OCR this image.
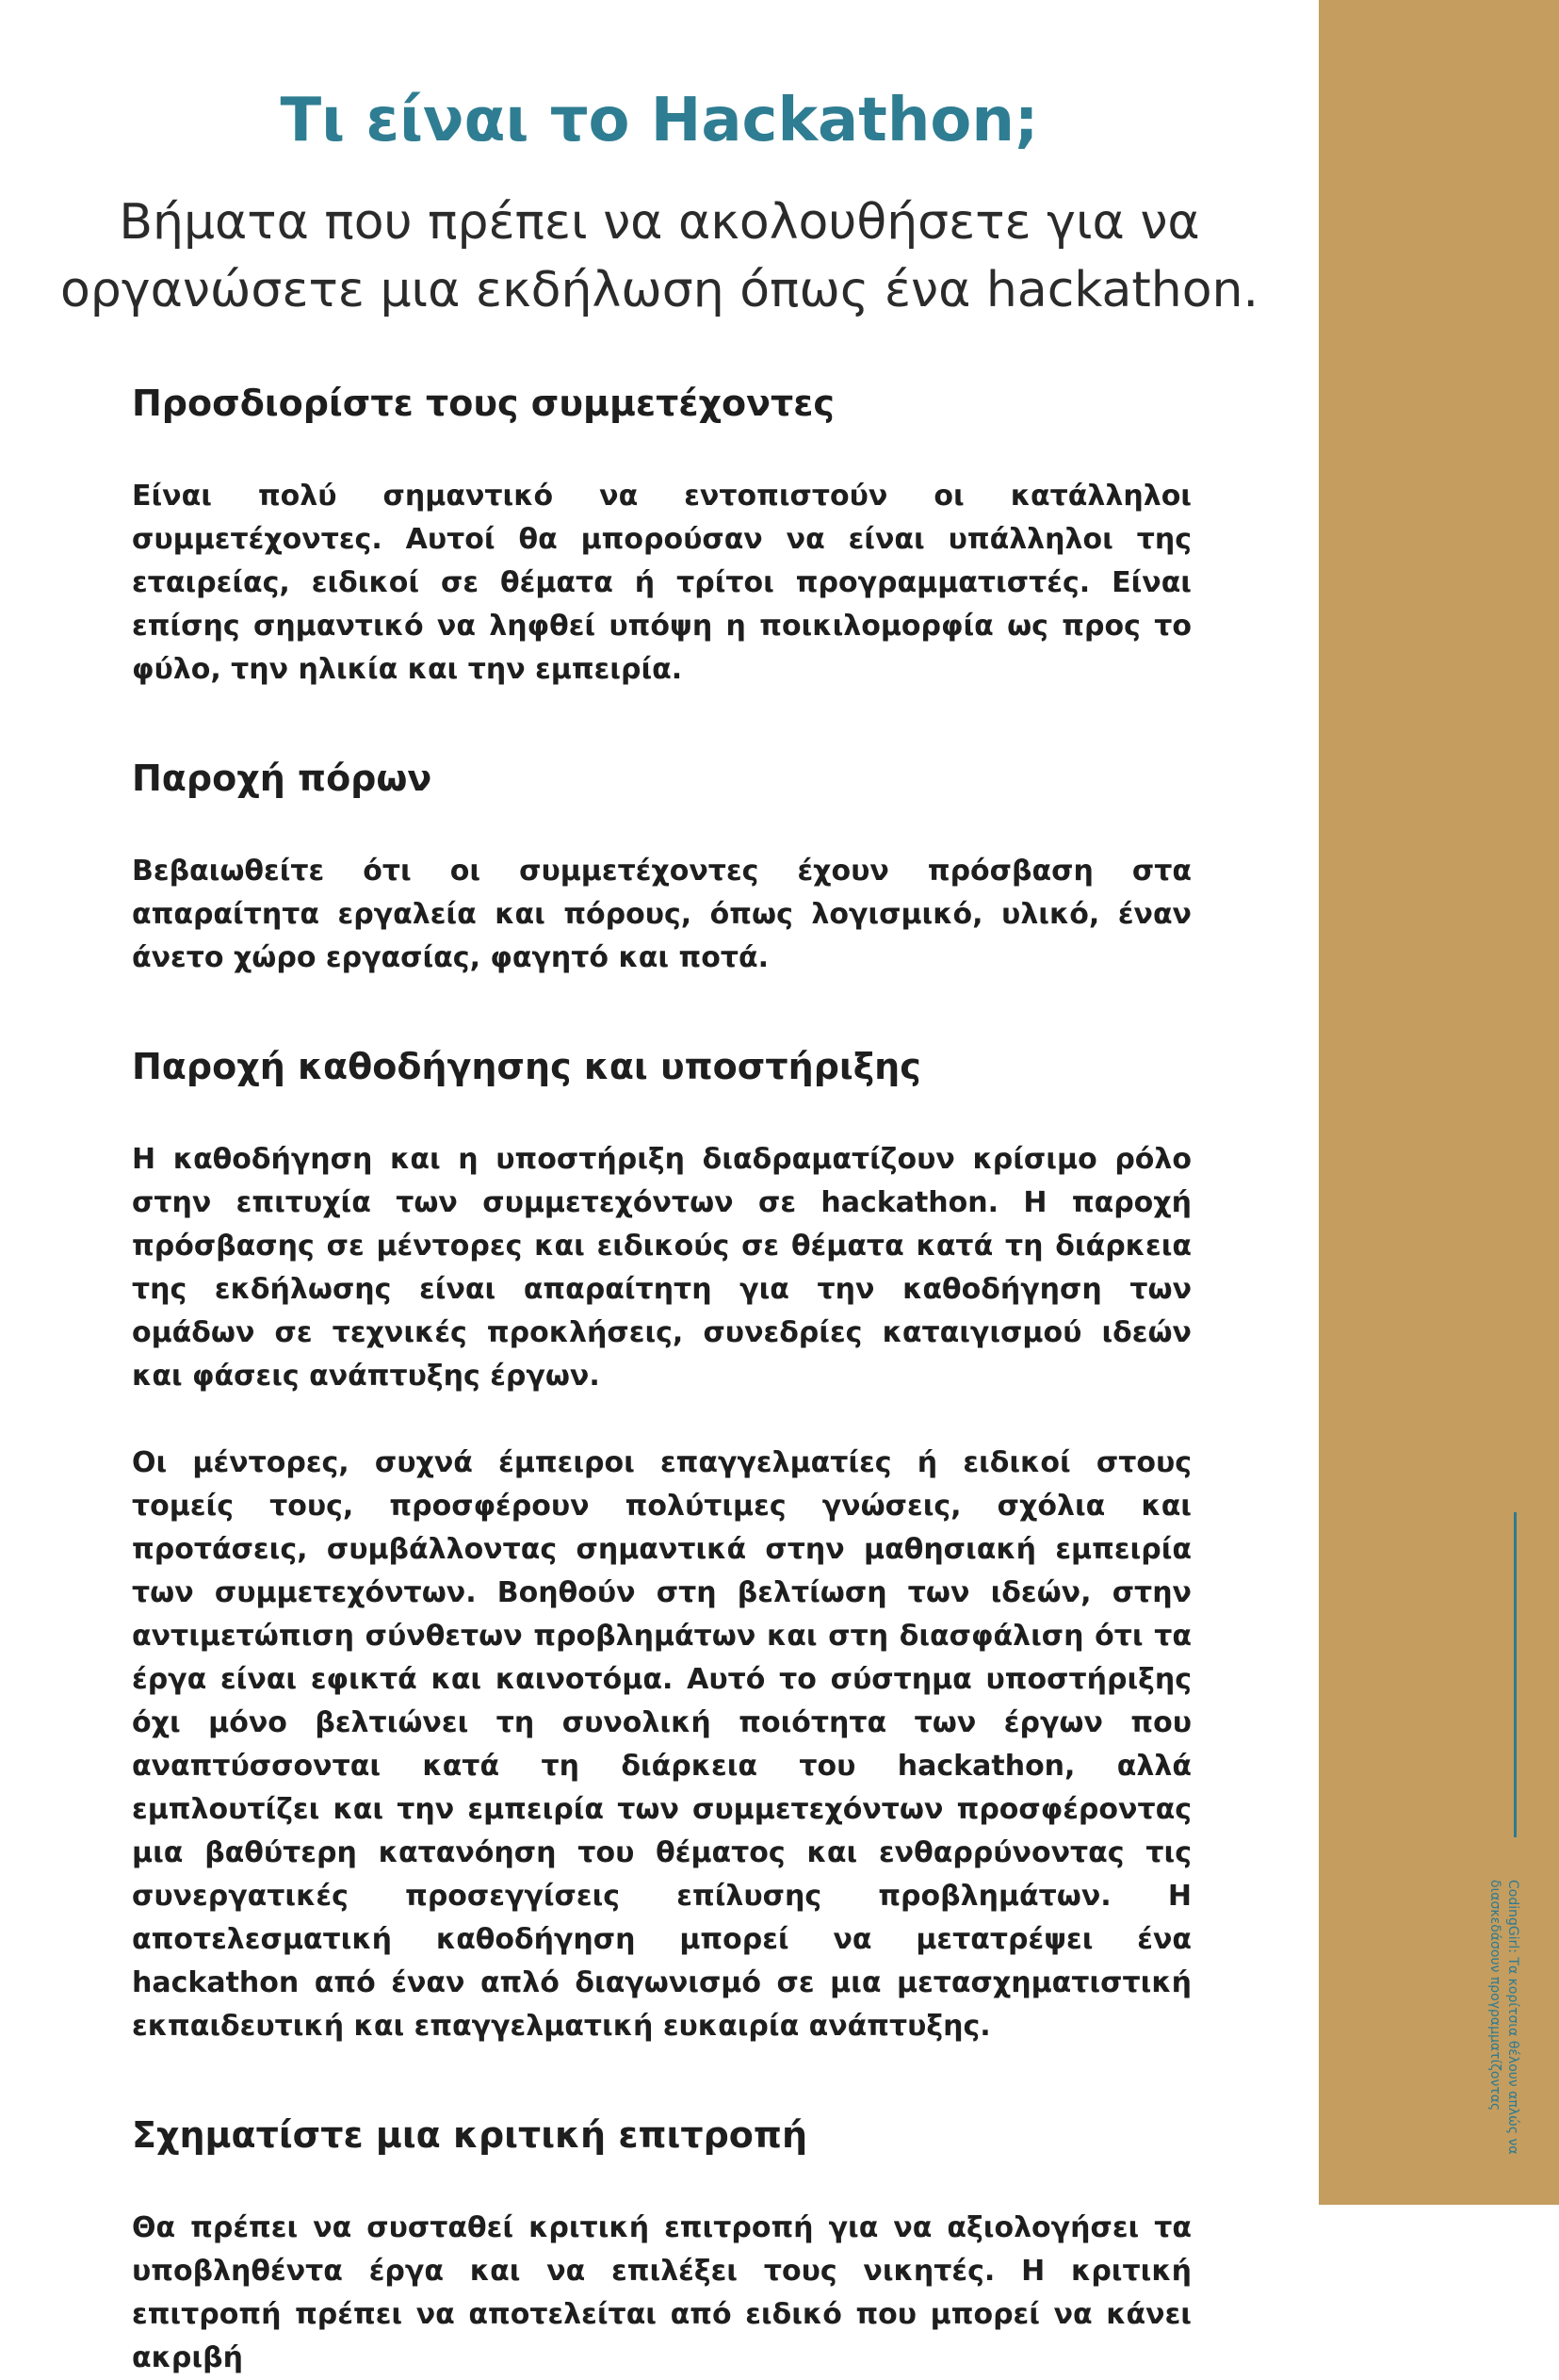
Τι είναι το Hackathon;

Βήματα που πρέπει να ακολουθήσετε για να οργανώσετε μια εκδήλωση όπως ένα hackathon.

Προσδιορίστε τους συμμετέχοντες

Είναι πολύ σημαντικό να εντοπιστούν οι κατάλληλοι συμμετέχοντες. Αυτοί θα μπορούσαν να είναι υπάλληλοι της εταιρείας, ειδικοί σε θέματα ή τρίτοι προγραμματιστές. Είναι επίσης σημαντικό να ληφθεί υπόψη η ποικιλομορφία ως προς το φύλο, την ηλικία και την εμπειρία.

Παροχή πόρων

Βεβαιωθείτε ότι οι συμμετέχοντες έχουν πρόσβαση στα απαραίτητα εργαλεία και πόρους, όπως λογισμικό, υλικό, έναν άνετο χώρο εργασίας, φαγητό και ποτά.

Παροχή καθοδήγησης και υποστήριξης

Η καθοδήγηση και η υποστήριξη διαδραματίζουν κρίσιμο ρόλο στην επιτυχία των συμμετεχόντων σε hackathon. Η παροχή πρόσβασης σε μέντορες και ειδικούς σε θέματα κατά τη διάρκεια της εκδήλωσης είναι απαραίτητη για την καθοδήγηση των ομάδων σε τεχνικές προκλήσεις, συνεδρίες καταιγισμού ιδεών και φάσεις ανάπτυξης έργων.

Οι μέντορες, συχνά έμπειροι επαγγελματίες ή ειδικοί στους τομείς τους, προσφέρουν πολύτιμες γνώσεις, σχόλια και προτάσεις, συμβάλλοντας σημαντικά στην μαθησιακή εμπειρία των συμμετεχόντων. Βοηθούν στη βελτίωση των ιδεών, στην αντιμετώπιση σύνθετων προβλημάτων και στη διασφάλιση ότι τα έργα είναι εφικτά και καινοτόμα. Αυτό το σύστημα υποστήριξης όχι μόνο βελτιώνει τη συνολική ποιότητα των έργων που αναπτύσσονται κατά τη διάρκεια του hackathon, αλλά εμπλουτίζει και την εμπειρία των συμμετεχόντων προσφέροντας μια βαθύτερη κατανόηση του θέματος και ενθαρρύνοντας τις συνεργατικές προσεγγίσεις επίλυσης προβλημάτων. Η αποτελεσματική καθοδήγηση μπορεί να μετατρέψει ένα hackathon από έναν απλό διαγωνισμό σε μια μετασχηματιστική εκπαιδευτική και επαγγελματική ευκαιρία ανάπτυξης.

Σχηματίστε μια κριτική επιτροπή

Θα πρέπει να συσταθεί κριτική επιτροπή για να αξιολογήσει τα υποβληθέντα έργα και να επιλέξει τους νικητές. Η κριτική επιτροπή πρέπει να αποτελείται από ειδικό που μπορεί να κάνει ακριβή

CodingGirl: Τα κορίτσια θέλουν απλώς να διασκεδάσουν προγραμματίζοντας
